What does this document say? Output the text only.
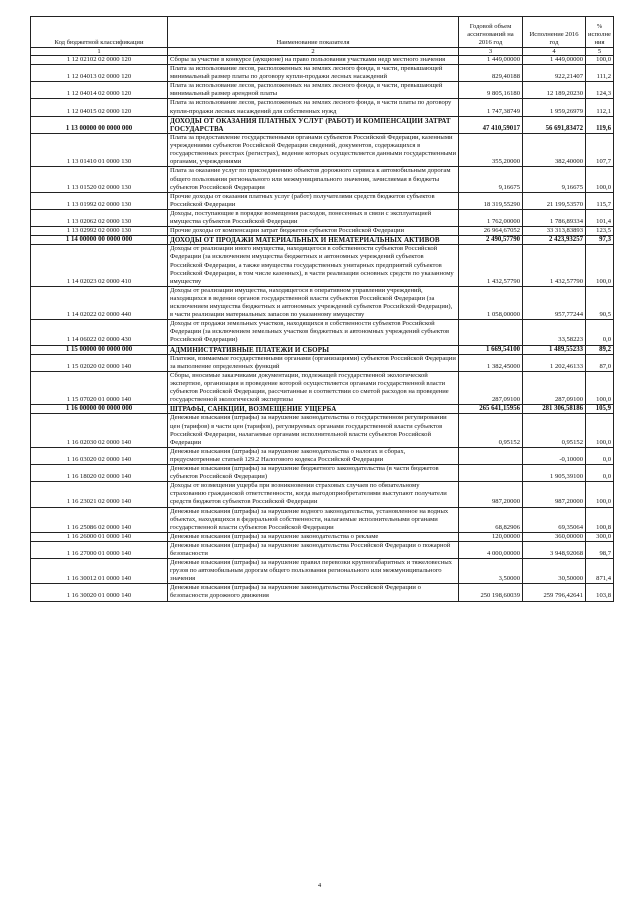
Код бюджетной классификации	Наименование показателя	Годовой объем ассигнований на 2016 год	Исполнение 2016 год	% исполне ния
1	2	3	4	5
1 12 02102 02 0000 120	Сборы за участие в конкурсе (аукционе) на право пользования участками недр местного значения	1 449,00000	1 449,00000	100,0
1 12 04013 02 0000 120	Плата за использование лесов, расположенных на землях лесного фонда, в части, превышающей минимальный размер платы по договору купли-продажи лесных насаждений	829,40188	922,21407	111,2
1 12 04014 02 0000 120	Плата за использование лесов, расположенных на землях лесного фонда, в части, превышающей минимальный размер арендной платы	9 805,16180	12 189,20230	124,3
1 12 04015 02 0000 120	Плата за использование лесов, расположенных на землях лесного фонда, в части платы по договору купли-продажи лесных насаждений для собственных нужд	1 747,38749	1 959,26979	112,1
1 13 00000 00 0000 000	ДОХОДЫ ОТ ОКАЗАНИЯ ПЛАТНЫХ УСЛУГ (РАБОТ) И КОМПЕНСАЦИИ ЗАТРАТ ГОСУДАРСТВА	47 410,59017	56 691,83472	119,6
1 13 01410 01 0000 130	Плата за предоставление государственными органами субъектов Российской Федерации, казенными учреждениями субъектов Российской Федерации сведений, документов, содержащихся в государственных реестрах (регистрах), ведение которых осуществляется данными государственными органами, учреждениями	355,20000	382,40000	107,7
1 13 01520 02 0000 130	Плата за оказание услуг по присоединению объектов дорожного сервиса к автомобильным дорогам общего пользования регионального или межмуниципального значения, зачисляемая в бюджеты субъектов Российской Федерации	9,16675	9,16675	100,0
1 13 01992 02 0000 130	Прочие доходы от оказания платных услуг (работ) получателями средств бюджетов субъектов Российской Федерации	18 319,55290	21 199,53570	115,7
1 13 02062 02 0000 130	Доходы, поступающие в порядке возмещения расходов, понесенных в связи с эксплуатацией имущества субъектов Российской Федерации	1 762,00000	1 786,89334	101,4
1 13 02992 02 0000 130	Прочие доходы от компенсации затрат бюджетов субъектов Российской Федерации	26 964,67052	33 313,83893	123,5
1 14 00000 00 0000 000	ДОХОДЫ ОТ ПРОДАЖИ МАТЕРИАЛЬНЫХ И НЕМАТЕРИАЛЬНЫХ АКТИВОВ	2 490,57790	2 423,93257	97,3
1 14 02023 02 0000 410	Доходы от реализации иного имущества, находящегося в собственности субъектов Российской Федерации (за исключением имущества бюджетных и автономных учреждений субъектов Российской Федерации, а также имущества государственных унитарных предприятий субъектов Российской Федерации, в том числе казенных), в части реализации основных средств по указанному имуществу	1 432,57790	1 432,57790	100,0
1 14 02022 02 0000 440	Доходы от реализации имущества, находящегося в оперативном управлении учреждений, находящихся в ведении органов государственной власти субъектов Российской Федерации (за исключением имущества бюджетных и автономных учреждений субъектов Российской Федерации), в части реализации материальных запасов по указанному имуществу	1 058,00000	957,77244	90,5
1 14 06022 02 0000 430	Доходы от продажи земельных участков, находящихся в собственности субъектов Российской Федерации (за исключением земельных участков бюджетных и автономных учреждений субъектов Российской Федерации)		33,58223	0,0
1 15 00000 00 0000 000	АДМИНИСТРАТИВНЫЕ ПЛАТЕЖИ И СБОРЫ	1 669,54100	1 489,55233	89,2
1 15 02020 02 0000 140	Платежи, взимаемые государственными органами (организациями) субъектов Российской Федерации за выполнение определенных функций	1 382,45000	1 202,46133	87,0
1 15 07020 01 0000 140	Сборы, вносимые заказчиками документации, подлежащей государственной экологической экспертизе, организация и проведение которой осуществляется органами государственной власти субъектов Российской Федерации, рассчитанные в соответствии со сметой расходов на проведение государственной экологической экспертизы	287,09100	287,09100	100,0
1 16 00000 00 0000 000	ШТРАФЫ, САНКЦИИ, ВОЗМЕЩЕНИЕ УЩЕРБА	265 641,15956	281 306,58186	105,9
1 16 02030 02 0000 140	Денежные взыскания (штрафы) за нарушение законодательства о государственном регулировании цен (тарифов) в части цен (тарифов), регулируемых органами государственной власти субъектов Российской Федерации, налагаемые органами исполнительной власти субъектов Российской Федерации	0,95152	0,95152	100,0
1 16 03020 02 0000 140	Денежные взыскания (штрафы) за нарушение законодательства о налогах и сборах, предусмотренные статьей 129.2 Налогового кодекса Российской Федерации		-0,10000	0,0
1 16 18020 02 0000 140	Денежные взыскания (штрафы) за нарушение бюджетного законодательства (в части бюджетов субъектов Российской Федерации)		1 905,39100	0,0
1 16 23021 02 0000 140	Доходы от возмещения ущерба при возникновении страховых случаев по обязательному страхованию гражданской ответственности, когда выгодоприобретателями выступают получатели средств бюджетов субъектов Российской Федерации	987,20000	987,20000	100,0
1 16 25086 02 0000 140	Денежные взыскания (штрафы) за нарушение водного законодательства, установленное на водных объектах, находящихся в федеральной собственности, налагаемые исполнительными органами государственной власти субъектов Российской Федерации	68,82906	69,35064	100,8
1 16 26000 01 0000 140	Денежные взыскания (штрафы) за нарушение законодательства о рекламе	120,00000	360,00000	300,0
1 16 27000 01 0000 140	Денежные взыскания (штрафы) за нарушение законодательства Российской Федерации о пожарной безопасности	4 000,00000	3 948,92068	98,7
1 16 30012 01 0000 140	Денежные взыскания (штрафы) за нарушение правил перевозки крупногабаритных и тяжеловесных грузов по автомобильным дорогам общего пользования регионального или межмуниципального значения	3,50000	30,50000	871,4
1 16 30020 01 0000 140	Денежные взыскания (штрафы) за нарушение законодательства Российской Федерации о безопасности дорожного движения	250 198,60039	259 796,42641	103,8
4
